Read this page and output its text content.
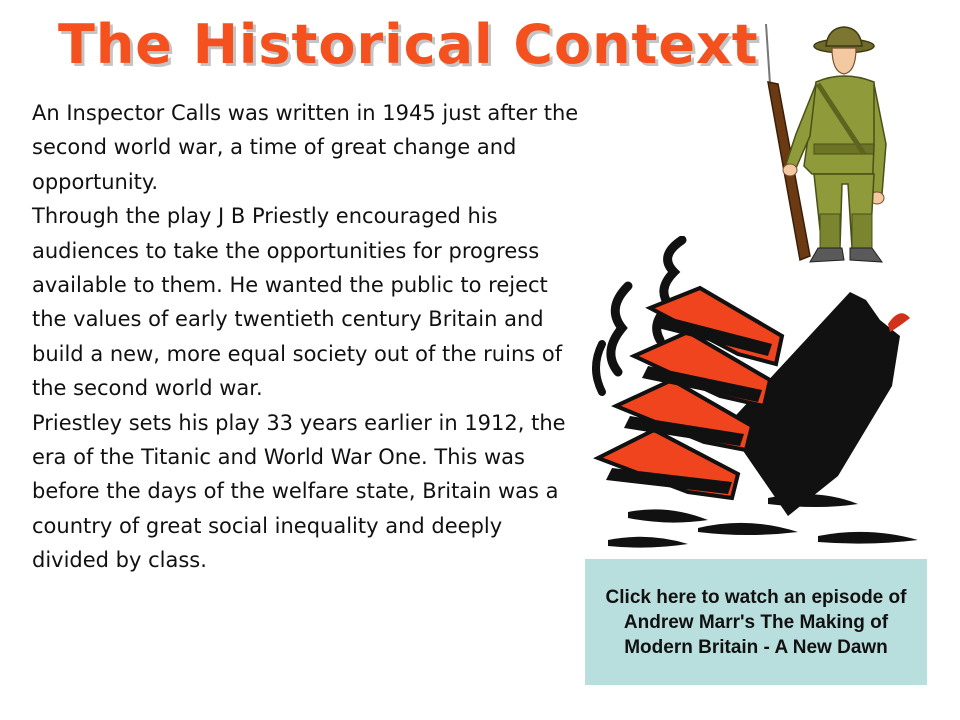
The Historical Context

An Inspector Calls was written in 1945 just after the second world war, a time of great change and opportunity.

Through the play J B Priestly encouraged his audiences to take the opportunities for progress available to them. He wanted the public to reject the values of early twentieth century Britain and build a new, more equal society out of the ruins of the second world war.

Priestley sets his play 33 years earlier in 1912, the era of the Titanic and World War One. This was before the days of the welfare state, Britain was a country of great social inequality and deeply divided by class.

Click here to watch an episode of Andrew Marr's The Making of Modern Britain - A New Dawn
